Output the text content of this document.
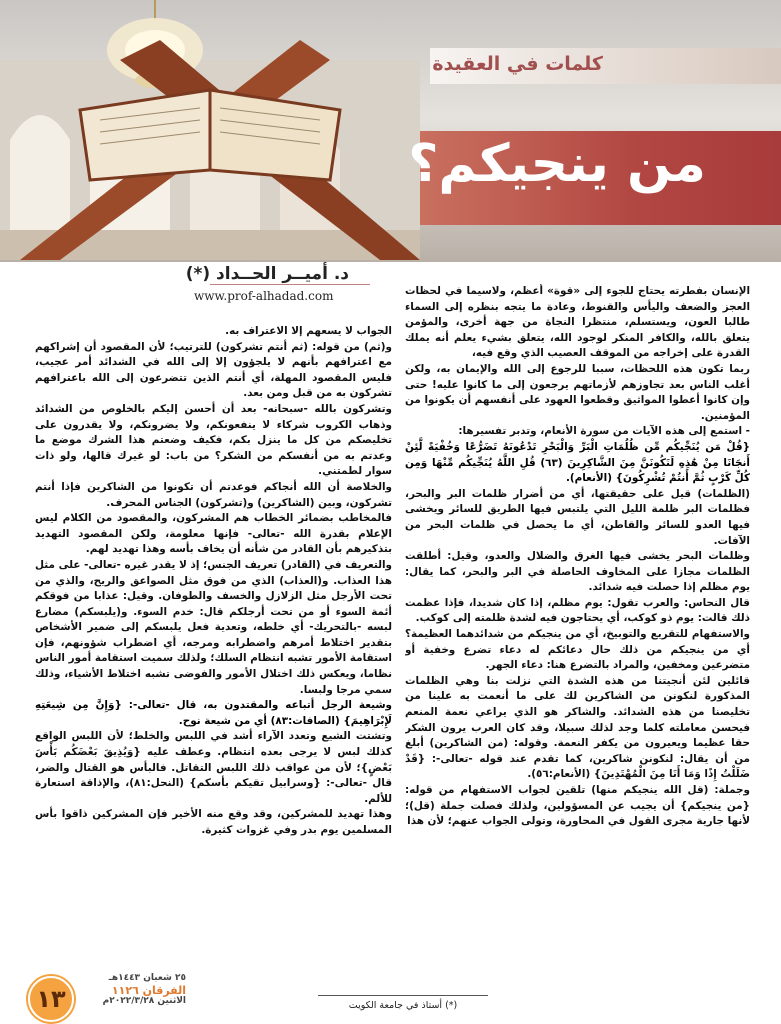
كلمات في العقيدة
من ينجيكم؟
د. أميــر الحــداد (*)
www.prof-alhadad.com	الإنسان بفطرته يحتاج للجوء إلى «قوة» أعظم، ولاسيما في لحظات العجز والضعف واليأس والقنوط، وعادة ما يتجه بنظره إلى السماء طالبا العون، ويستسلم، منتظرا النجاة من جهة أخرى، والمؤمن يتعلق بالله، والكافر المنكر لوجود الله، يتعلق بشيء يعلم أنه يملك القدرة على إخراجه من الموقف العصيب الذي وقع فيه،

ربما تكون هذه اللحظات، سببا للرجوع إلى الله والإيمان به، ولكن أغلب الناس بعد تجاوزهم لأزماتهم يرجعون إلى ما كانوا عليه! حتى وإن كانوا أعطوا المواثيق وقطعوا العهود على أنفسهم أن يكونوا من المؤمنين.

- استمع إلى هذه الآيات من سورة الأنعام، وتدبر تفسيرها:

{قُلْ مَن يُنَجِّيكُم مِّن ظُلُمَاتِ الْبَرِّ وَالْبَحْرِ تَدْعُونَهُ تَضَرُّعًا وَخُفْيَةً لَّئِنْ أَنجَانَا مِنْ هَٰذِهِ لَنَكُونَنَّ مِنَ الشَّاكِرِينَ (٦٣) قُلِ اللَّهُ يُنَجِّيكُم مِّنْهَا وَمِن كُلِّ كَرْبٍ ثُمَّ أَنتُمْ تُشْرِكُونَ} (الأنعام).

(الظلمات) قيل على حقيقتها، أي من أضرار ظلمات البر والبحر، فظلمات البر ظلمة الليل التي يلتبس فيها الطريق للسائر ويخشى فيها العدو للسائر والقاطن، أي ما يحصل في ظلمات البحر من الآفات.

وظلمات البحر يخشى فيها الغرق والضلال والعدو، وقيل: أطلقت الظلمات مجازا على المخاوف الحاصلة في البر والبحر، كما يقال: يوم مظلم إذا حصلت فيه شدائد.

قال النحاس: والعرب تقول: يوم مظلم، إذا كان شديدا، فإذا عظمت ذلك قالت: يوم ذو كوكب، أي يحتاجون فيه لشدة ظلمته إلى كوكب.

والاستفهام للتقريع والتوبيخ، أي من ينجيكم من شدائدهما العظيمة؟ أي من ينجيكم من ذلك حال دعائكم له دعاء تضرع وخفية أو متضرعين ومخفين، والمراد بالتضرع هنا: دعاء الجهر.

قائلين لئن أنجيتنا من هذه الشدة التي نزلت بنا وهي الظلمات المذكورة لنكونن من الشاكرين لك على ما أنعمت به علينا من تخليصنا من هذه الشدائد. والشاكر هو الذي يراعي نعمة المنعم فيحسن معاملته كلما وجد لذلك سبيلا، وقد كان العرب يرون الشكر حقا عظيما ويعيرون من يكفر النعمة. وقوله: (من الشاكرين) أبلغ من أن يقال: لنكونن شاكرين، كما تقدم عند قوله -تعالى-: {قَدْ ضَلَلْتُ إِذًا وَمَا أَنَا مِنَ الْمُهْتَدِينَ} (الأنعام:٥٦).

وجملة: (قل الله ينجيكم منها) تلقين لجواب الاستفهام من قوله: {من ينجيكم} أن يجيب عن المسؤولين، ولذلك فصلت جملة (قل)؛ لأنها جارية مجرى القول في المحاورة، وتولى الجواب عنهم؛ لأن هذا

الجواب لا يسعهم إلا الاعتراف به.

و(ثم) من قوله: (ثم أنتم تشركون) للترتيب؛ لأن المقصود أن إشراكهم مع اعترافهم بأنهم لا يلجؤون إلا إلى الله في الشدائد أمر عجيب، فليس المقصود المهلة، أي أنتم الذين تتضرعون إلى الله باعترافهم تشركون به من قبل ومن بعد.

وتشركون بالله -سبحانه- بعد أن أحسن إليكم بالخلوص من الشدائد وذهاب الكروب شركاء لا ينفعونكم، ولا يضرونكم، ولا يقدرون على تخليصكم من كل ما ينزل بكم، فكيف وضعتم هذا الشرك موضع ما وعدتم به من أنفسكم من الشكر؟ من باب: لو غيرك قالها، ولو ذات سوار لطمتني.

والخلاصة أن الله أنجاكم فوعدتم أن تكونوا من الشاكرين فإذا أنتم تشركون، وبين (الشاكرين) و(تشركون) الجناس المحرف.

فالمخاطب بضمائر الخطاب هم المشركون، والمقصود من الكلام ليس الإعلام بقدرة الله -تعالى- فإنها معلومة، ولكن المقصود التهديد بتذكيرهم بأن القادر من شأنه أن يخاف بأسه وهذا تهديد لهم.

والتعريف في (القادر) تعريف الجنس؛ إذ لا يقدر غيره -تعالى- على مثل هذا العذاب. و(العذاب) الذي من فوق مثل الصواعق والريح، والذي من تحت الأرجل مثل الزلازل والخسف والطوفان. وقيل: عذابا من فوقكم أئمة السوء أو من تحت أرجلكم قال: خدم السوء. و(يلبسكم) مضارع لبسه -بالتحريك- أي خلطه، وتعدية فعل يلبسكم إلى ضمير الأشخاص بتقدير اختلاط أمرهم واضطرابه ومرجه، أي اضطراب شؤونهم، فإن استقامة الأمور تشبه انتظام السلك؛ ولذلك سميت استقامة أمور الناس نظاما، ويعكس ذلك اختلال الأمور والفوضى تشبه اختلاط الأشياء، وذلك سمي مرجا ولبسا.

وشيعة الرجل أتباعه والمقتدون به، قال -تعالى-: {وَإِنَّ مِن شِيعَتِهِ لَإِبْرَاهِيمَ} (الصافات:٨٣) أي من شيعة نوح.

وتشتت الشيع وتعدد الآراء أشد في اللبس والخلط؛ لأن اللبس الواقع كذلك لبس لا يرجى بعده انتظام. وعطف عليه {وَيُذِيقَ بَعْضَكُم بَأْسَ بَعْضٍ}؛ لأن من عواقب ذلك اللبس التقاتل. فالبأس هو القتال والضر، قال -تعالى-: {وسرابيل تقيكم بأسكم} (النحل:٨١)، والإذاقة استعارة للألم.

وهذا تهديد للمشركين، وقد وقع منه الأخير فإن المشركين ذاقوا بأس المسلمين يوم بدر وفي غزوات كثيرة.

١٣
٢٥ شعبان ١٤٤٣هـ
الفرقان ١١٢٦
الاثنين ٢٠٢٢/٣/٢٨م	(*) أستاذ في جامعة الكويت
